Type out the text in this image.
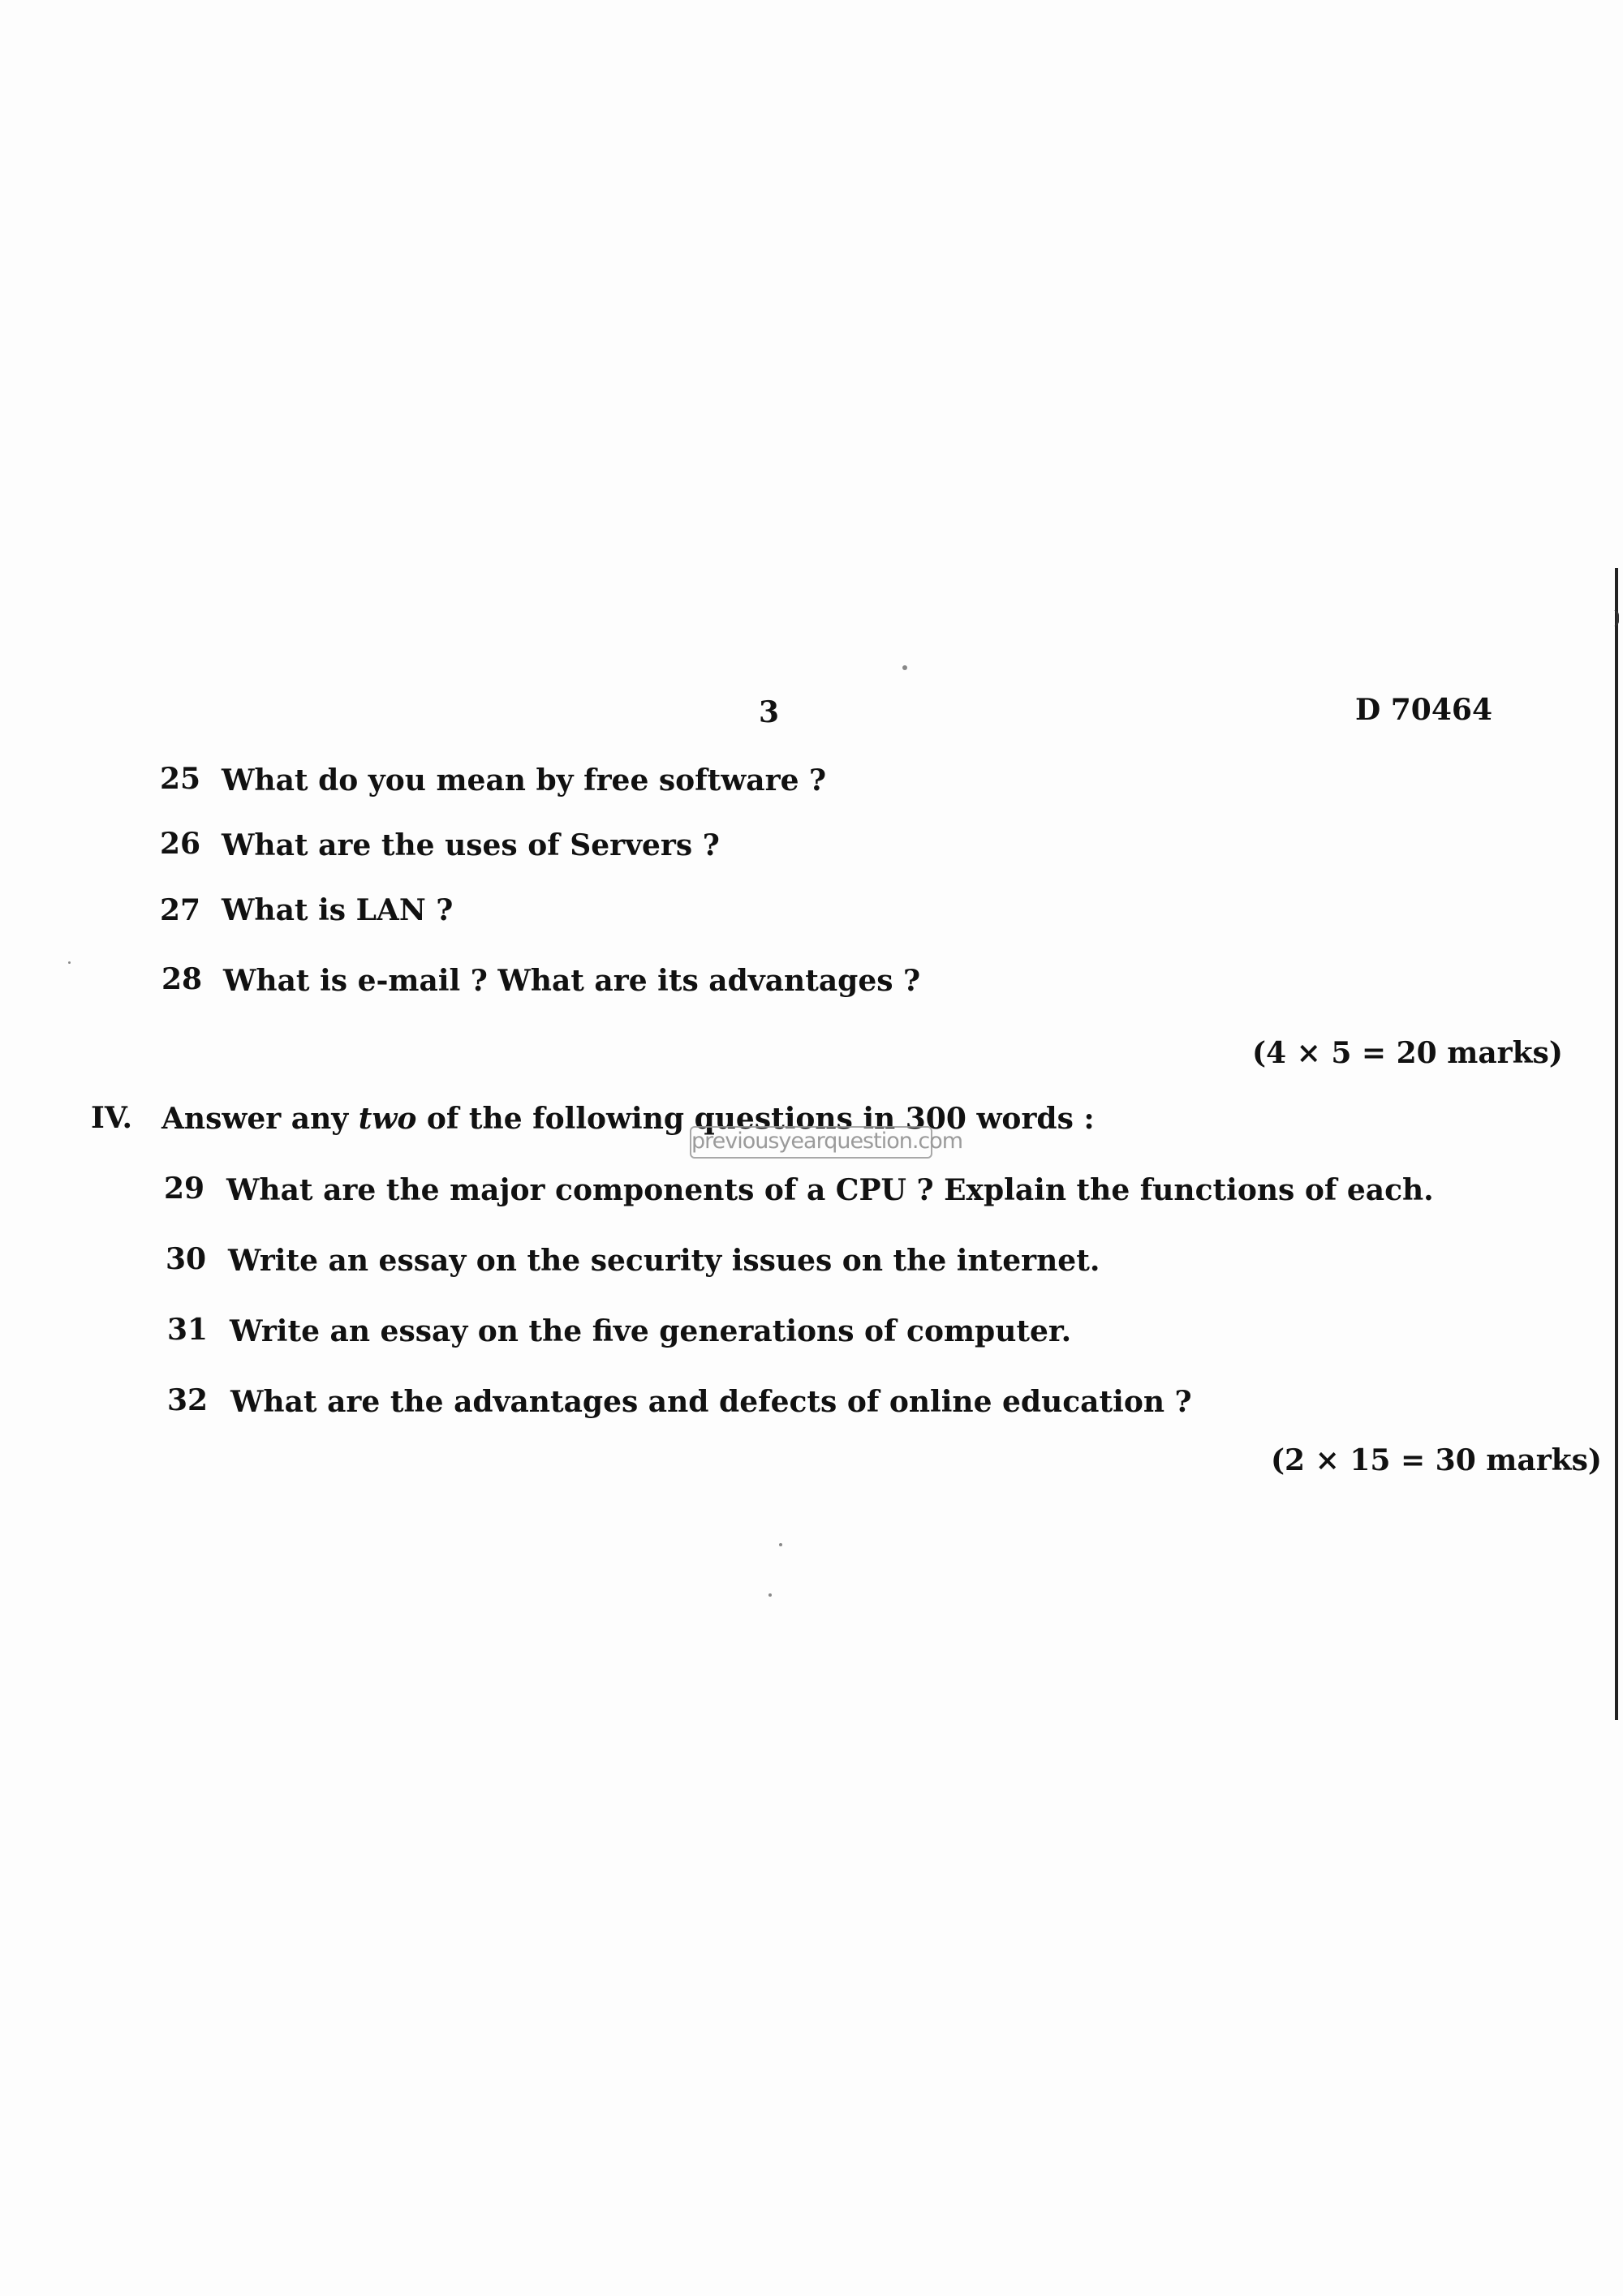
3	D 70464
25 What do you mean by free software ?
26 What are the uses of Servers ?
27 What is LAN ?
28 What is e-mail ? What are its advantages ?
(4 × 5 = 20 marks)
IV. Answer any two of the following questions in 300 words :
previousyearquestion.com
29 What are the major components of a CPU ? Explain the functions of each.
30 Write an essay on the security issues on the internet.
31 Write an essay on the five generations of computer.
32 What are the advantages and defects of online education ?
(2 × 15 = 30 marks)
